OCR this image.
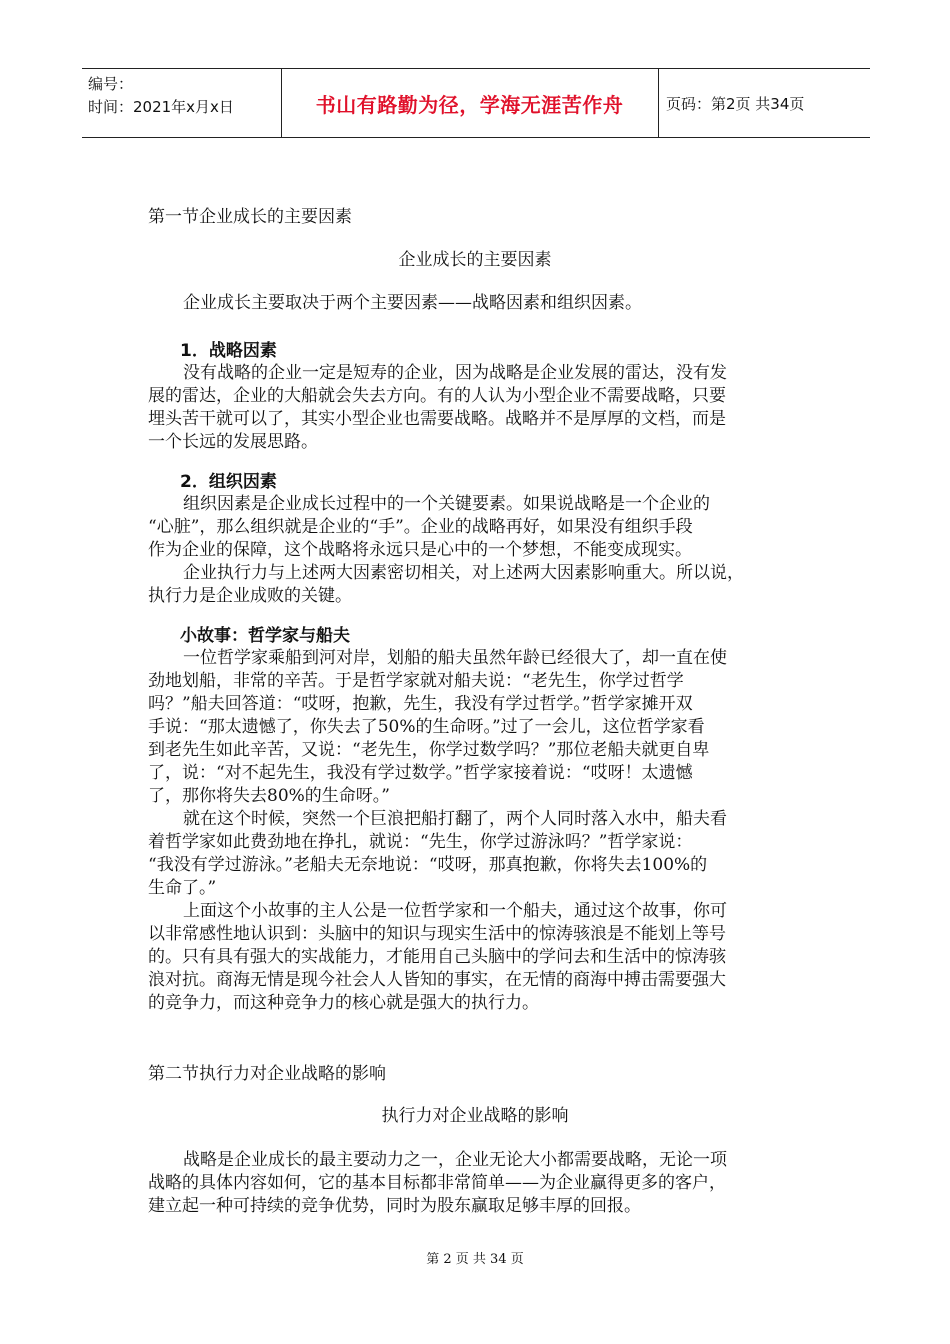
编号：
时间：2021年x月x日	书山有路勤为径，学海无涯苦作舟	页码：第2页 共34页
第一节企业成长的主要因素
企业成长的主要因素
企业成长主要取决于两个主要因素——战略因素和组织因素。
1．战略因素
没有战略的企业一定是短寿的企业，因为战略是企业发展的雷达，没有发
展的雷达，企业的大船就会失去方向。有的人认为小型企业不需要战略，只要
埋头苦干就可以了，其实小型企业也需要战略。战略并不是厚厚的文档，而是
一个长远的发展思路。
2．组织因素
组织因素是企业成长过程中的一个关键要素。如果说战略是一个企业的
“心脏”，那么组织就是企业的“手”。企业的战略再好，如果没有组织手段
作为企业的保障，这个战略将永远只是心中的一个梦想，不能变成现实。
企业执行力与上述两大因素密切相关，对上述两大因素影响重大。所以说，
执行力是企业成败的关键。
小故事：哲学家与船夫
一位哲学家乘船到河对岸，划船的船夫虽然年龄已经很大了，却一直在使
劲地划船，非常的辛苦。于是哲学家就对船夫说：“老先生，你学过哲学
吗？”船夫回答道：“哎呀，抱歉，先生，我没有学过哲学。”哲学家摊开双
手说：“那太遗憾了，你失去了50%的生命呀。”过了一会儿，这位哲学家看
到老先生如此辛苦，又说：“老先生，你学过数学吗？”那位老船夫就更自卑
了，说：“对不起先生，我没有学过数学。”哲学家接着说：“哎呀！太遗憾
了，那你将失去80%的生命呀。”
就在这个时候，突然一个巨浪把船打翻了，两个人同时落入水中，船夫看
着哲学家如此费劲地在挣扎，就说：“先生，你学过游泳吗？”哲学家说：
“我没有学过游泳。”老船夫无奈地说：“哎呀，那真抱歉，你将失去100%的
生命了。”
上面这个小故事的主人公是一位哲学家和一个船夫，通过这个故事，你可
以非常感性地认识到：头脑中的知识与现实生活中的惊涛骇浪是不能划上等号
的。只有具有强大的实战能力，才能用自己头脑中的学问去和生活中的惊涛骇
浪对抗。商海无情是现今社会人人皆知的事实，在无情的商海中搏击需要强大
的竞争力，而这种竞争力的核心就是强大的执行力。
第二节执行力对企业战略的影响
执行力对企业战略的影响
战略是企业成长的最主要动力之一，企业无论大小都需要战略，无论一项
战略的具体内容如何，它的基本目标都非常简单——为企业赢得更多的客户，
建立起一种可持续的竞争优势，同时为股东赢取足够丰厚的回报。
第 2 页 共 34 页
